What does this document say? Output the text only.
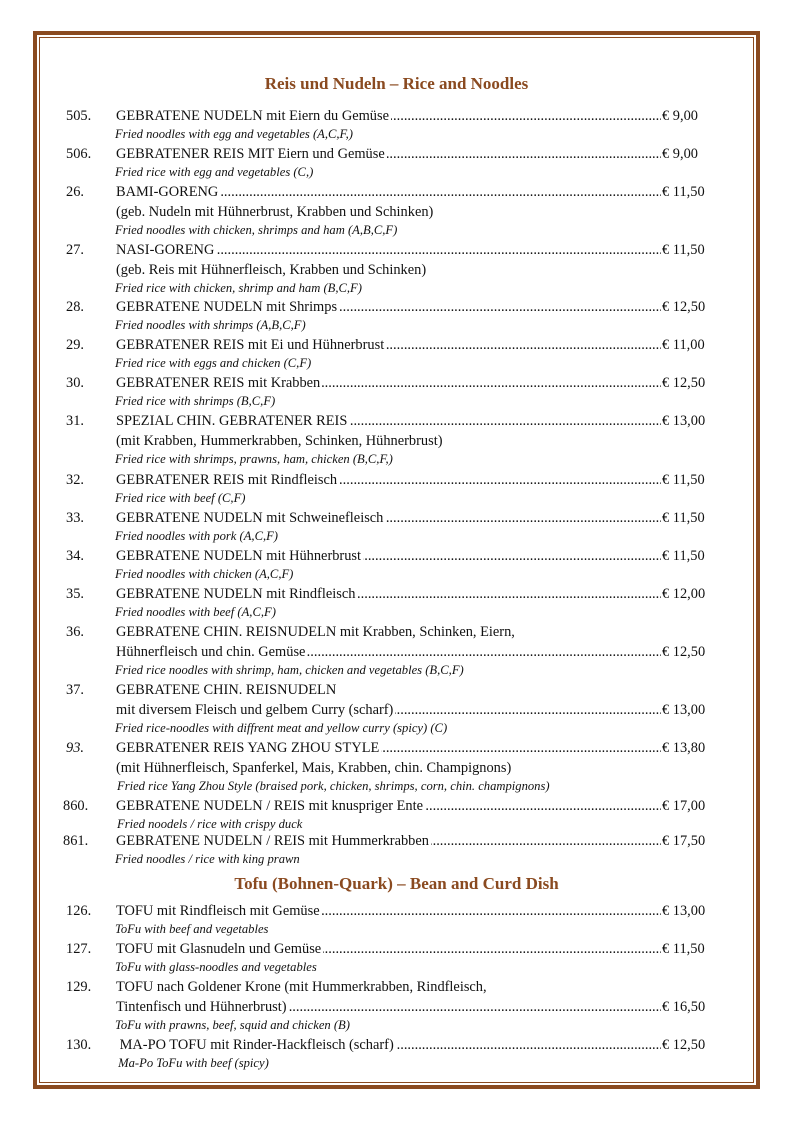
Reis und Nudeln – Rice and Noodles
505. GEBRATENE NUDELN mit Eiern du Gemüse .....	€ 9,00
Fried noodles with egg and vegetables (A,C,F,)
506. GEBRATENER REIS MIT Eiern und Gemüse .....	€ 9,00
Fried rice with egg and vegetables (C,)
26. BAMI-GORENG .....	€ 11,50
(geb. Nudeln mit Hühnerbrust, Krabben und Schinken)
Fried noodles with chicken, shrimps and ham (A,B,C,F)
27. NASI-GORENG .....	€ 11,50
(geb. Reis mit Hühnerfleisch, Krabben und Schinken)
Fried rice with chicken, shrimp and ham (B,C,F)
28. GEBRATENE NUDELN mit Shrimps .....	€ 12,50
Fried noodles with shrimps (A,B,C,F)
29. GEBRATENER REIS mit Ei und Hühnerbrust .....	€ 11,00
Fried rice with eggs and chicken (C,F)
30. GEBRATENER REIS mit Krabben .....	€ 12,50
Fried rice with shrimps (B,C,F)
31. SPEZIAL CHIN. GEBRATENER REIS .....	€ 13,00
(mit Krabben, Hummerkrabben, Schinken, Hühnerbrust)
Fried rice with shrimps, prawns, ham, chicken (B,C,F,)
32. GEBRATENER REIS mit Rindfleisch .....	€ 11,50
Fried rice with beef (C,F)
33. GEBRATENE NUDELN mit Schweinefleisch .....	€ 11,50
Fried noodles with pork (A,C,F)
34. GEBRATENE NUDELN mit Hühnerbrust .....	€ 11,50
Fried noodles with chicken (A,C,F)
35. GEBRATENE NUDELN mit Rindfleisch .....	€ 12,00
Fried noodles with beef (A,C,F)
36. GEBRATENE CHIN. REISNUDELN mit Krabben, Schinken, Eiern,
Hühnerfleisch und chin. Gemüse .....	€ 12,50
Fried rice noodles with shrimp, ham, chicken and vegetables (B,C,F)
37. GEBRATENE CHIN. REISNUDELN
mit diversem Fleisch und gelbem Curry (scharf) .....	€ 13,00
Fried rice-noodles with diffrent meat and yellow curry (spicy) (C)
93. GEBRATENER REIS YANG ZHOU STYLE .....	€ 13,80
(mit Hühnerfleisch, Spanferkel, Mais, Krabben, chin. Champignons)
Fried rice Yang Zhou Style (braised pork, chicken, shrimps, corn, chin. champignons)
860. GEBRATENE NUDELN / REIS mit knuspriger Ente .....	€ 17,00
Fried noodels / rice with crispy duck
861. GEBRATENE NUDELN / REIS mit Hummerkrabben .....	€ 17,50
Fried noodles / rice with king prawn
Tofu (Bohnen-Quark) – Bean and Curd Dish
126. TOFU mit Rindfleisch mit Gemüse .....	€ 13,00
ToFu with beef and vegetables
127. TOFU mit Glasnudeln und Gemüse .....	€ 11,50
ToFu with glass-noodles and vegetables
129. TOFU nach Goldener Krone (mit Hummerkrabben, Rindfleisch,
Tintenfisch und Hühnerbrust) .....	€ 16,50
ToFu with prawns, beef, squid and chicken (B)
130. MA-PO TOFU mit Rinder-Hackfleisch (scharf) .....	€ 12,50
Ma-Po ToFu with beef (spicy)
